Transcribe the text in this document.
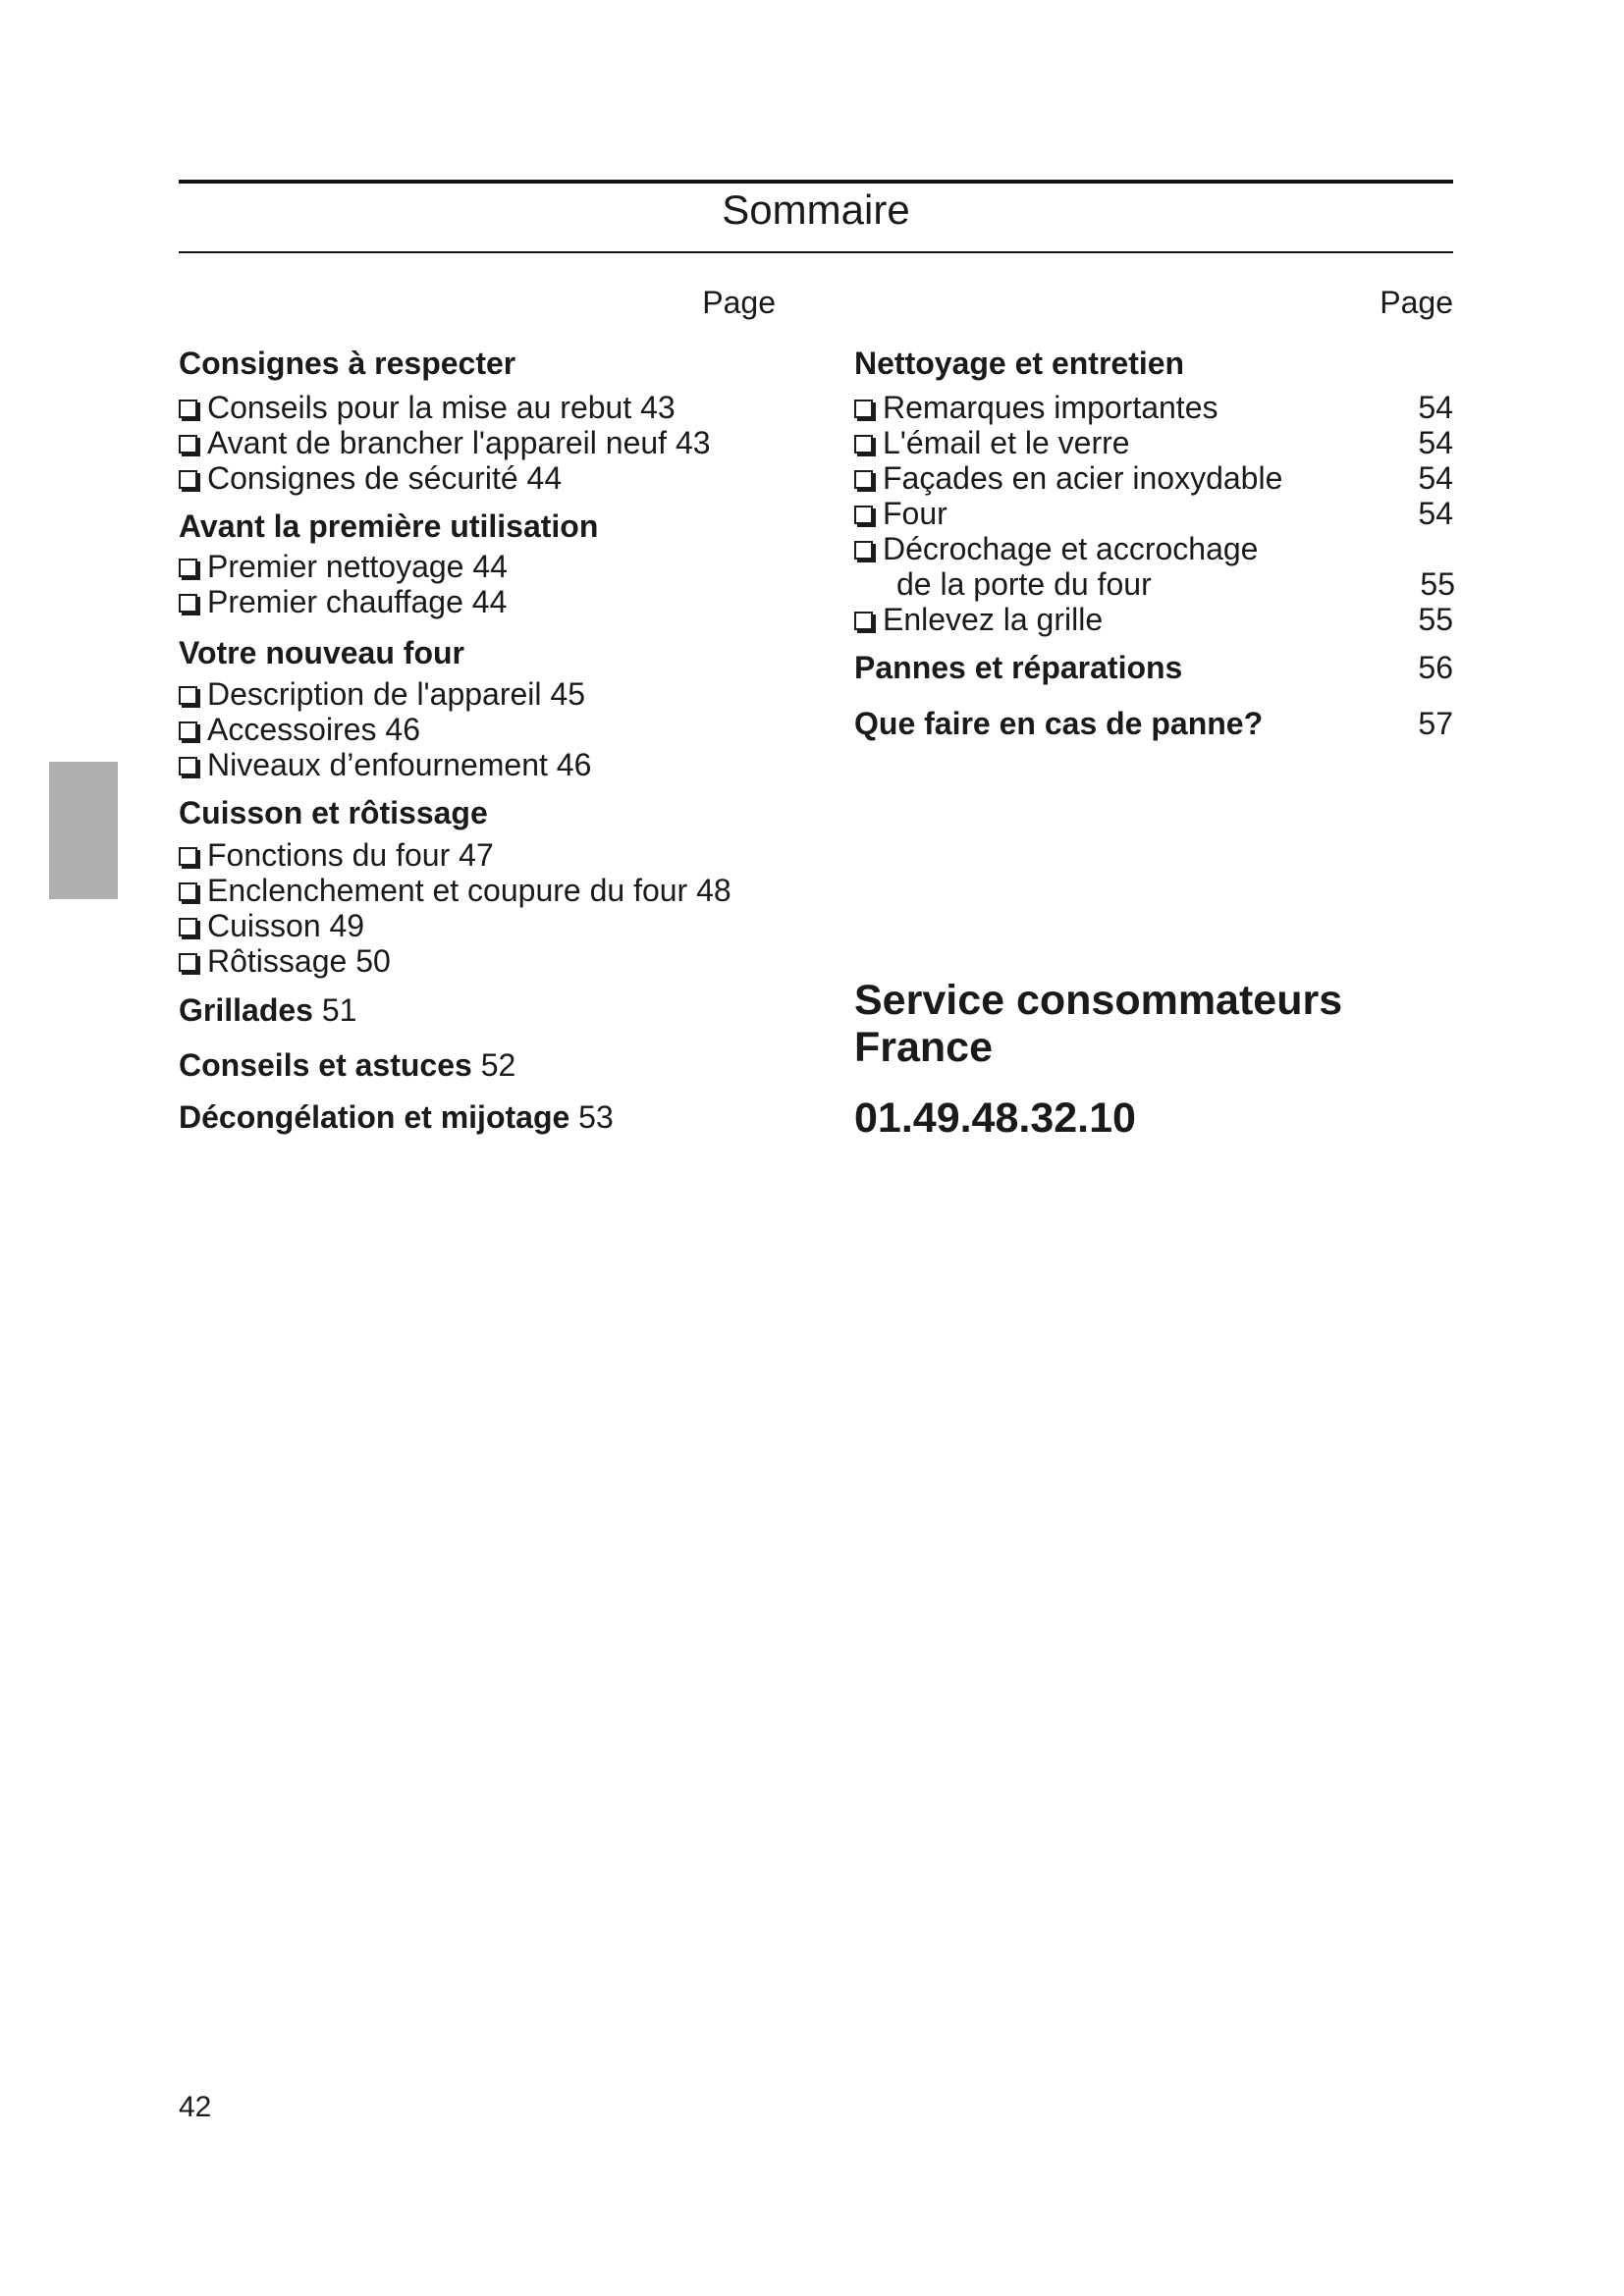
Sommaire
Page	Page
Consignes à respecter
Conseils pour la mise au rebut 43
Avant de brancher l'appareil neuf 43
Consignes de sécurité 44
Avant la première utilisation
Premier nettoyage 44
Premier chauffage 44
Votre nouveau four
Description de l'appareil 45
Accessoires 46
Niveaux d’enfournement 46
Cuisson et rôtissage
Fonctions du four 47
Enclenchement et coupure du four 48
Cuisson 49
Rôtissage 50
Grillades 51
Conseils et astuces 52
Décongélation et mijotage 53
Nettoyage et entretien
Remarques importantes	54
L'émail et le verre	54
Façades en acier inoxydable	54
Four	54
Décrochage et accrochage
de la porte du four	55
Enlevez la grille	55
Pannes et réparations	56
Que faire en cas de panne?	57
Service consommateurs
France
01.49.48.32.10
42
